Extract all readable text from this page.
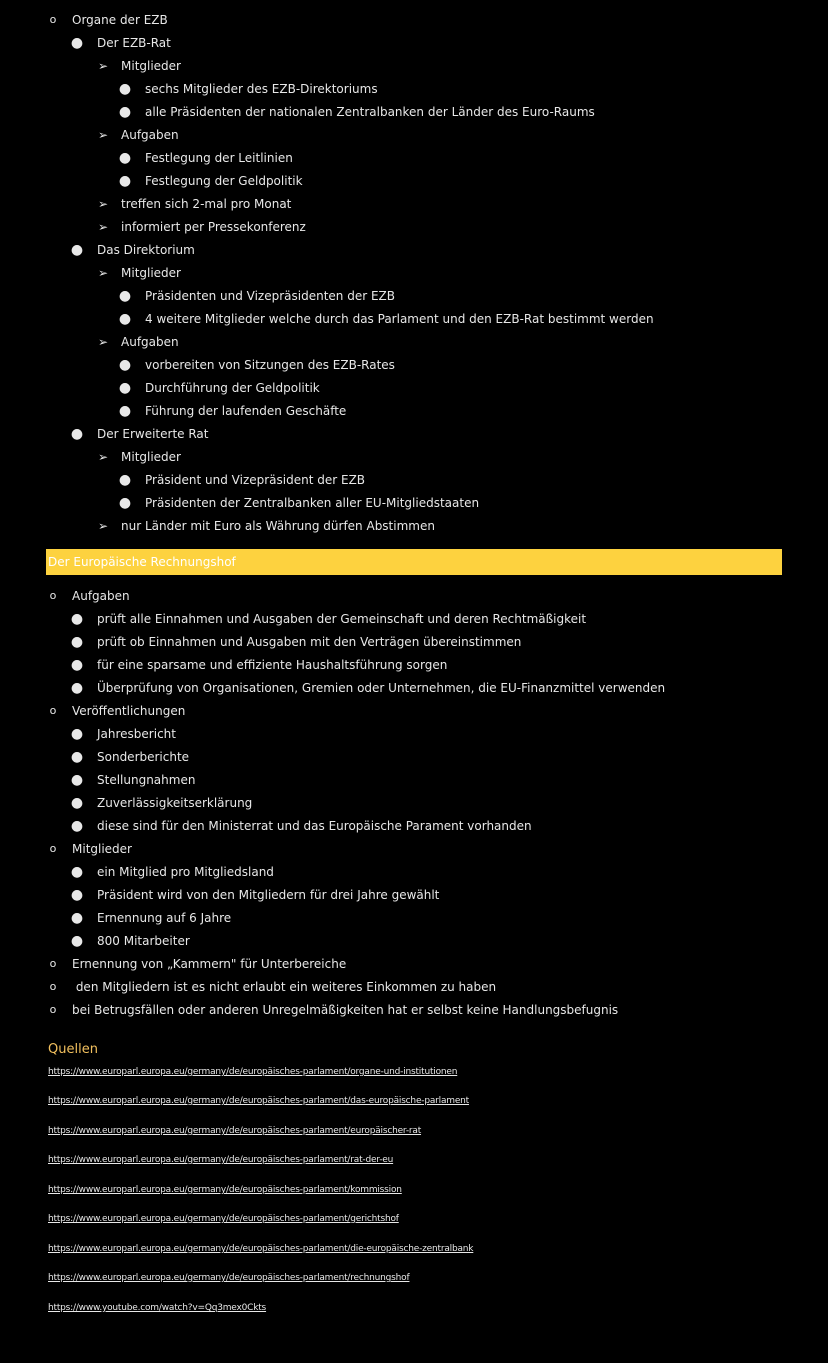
o	Organe der EZB
● Der EZB-Rat
➢ Mitglieder
● sechs Mitglieder des EZB-Direktoriums
● alle Präsidenten der nationalen Zentralbanken der Länder des Euro-Raums
➢ Aufgaben
● Festlegung der Leitlinien
● Festlegung der Geldpolitik
➢ treffen sich 2-mal pro Monat
➢ informiert per Pressekonferenz
● Das Direktorium
➢ Mitglieder
● Präsidenten und Vizepräsidenten der EZB
● 4 weitere Mitglieder welche durch das Parlament und den EZB-Rat bestimmt werden
➢ Aufgaben
● vorbereiten von Sitzungen des EZB-Rates
● Durchführung der Geldpolitik
● Führung der laufenden Geschäfte
● Der Erweiterte Rat
➢ Mitglieder
● Präsident und Vizepräsident der EZB
● Präsidenten der Zentralbanken aller EU-Mitgliedstaaten
➢ nur Länder mit Euro als Währung dürfen Abstimmen
Der Europäische Rechnungshof
o	Aufgaben
● prüft alle Einnahmen und Ausgaben der Gemeinschaft und deren Rechtmäßigkeit
● prüft ob Einnahmen und Ausgaben mit den Verträgen übereinstimmen
● für eine sparsame und effiziente Haushaltsführung sorgen
● Überprüfung von Organisationen, Gremien oder Unternehmen, die EU-Finanzmittel verwenden
o	Veröffentlichungen
● Jahresbericht
● Sonderberichte
● Stellungnahmen
● Zuverlässigkeitserklärung
● diese sind für den Ministerrat und das Europäische Parament vorhanden
o	Mitglieder
● ein Mitglied pro Mitgliedsland
● Präsident wird von den Mitgliedern für drei Jahre gewählt
● Ernennung auf 6 Jahre
● 800 Mitarbeiter
o	Ernennung von „Kammern" für Unterbereiche
o	den Mitgliedern ist es nicht erlaubt ein weiteres Einkommen zu haben
o	bei Betrugsfällen oder anderen Unregelmäßigkeiten hat er selbst keine Handlungsbefugnis
Quellen
https://www.europarl.europa.eu/germany/de/europäisches-parlament/organe-und-institutionen
https://www.europarl.europa.eu/germany/de/europäisches-parlament/das-europäische-parlament
https://www.europarl.europa.eu/germany/de/europäisches-parlament/europäischer-rat
https://www.europarl.europa.eu/germany/de/europäisches-parlament/rat-der-eu
https://www.europarl.europa.eu/germany/de/europäisches-parlament/kommission
https://www.europarl.europa.eu/germany/de/europäisches-parlament/gerichtshof
https://www.europarl.europa.eu/germany/de/europäisches-parlament/die-europäische-zentralbank
https://www.europarl.europa.eu/germany/de/europäisches-parlament/rechnungshof
https://www.youtube.com/watch?v=Qq3mex0Ckts
